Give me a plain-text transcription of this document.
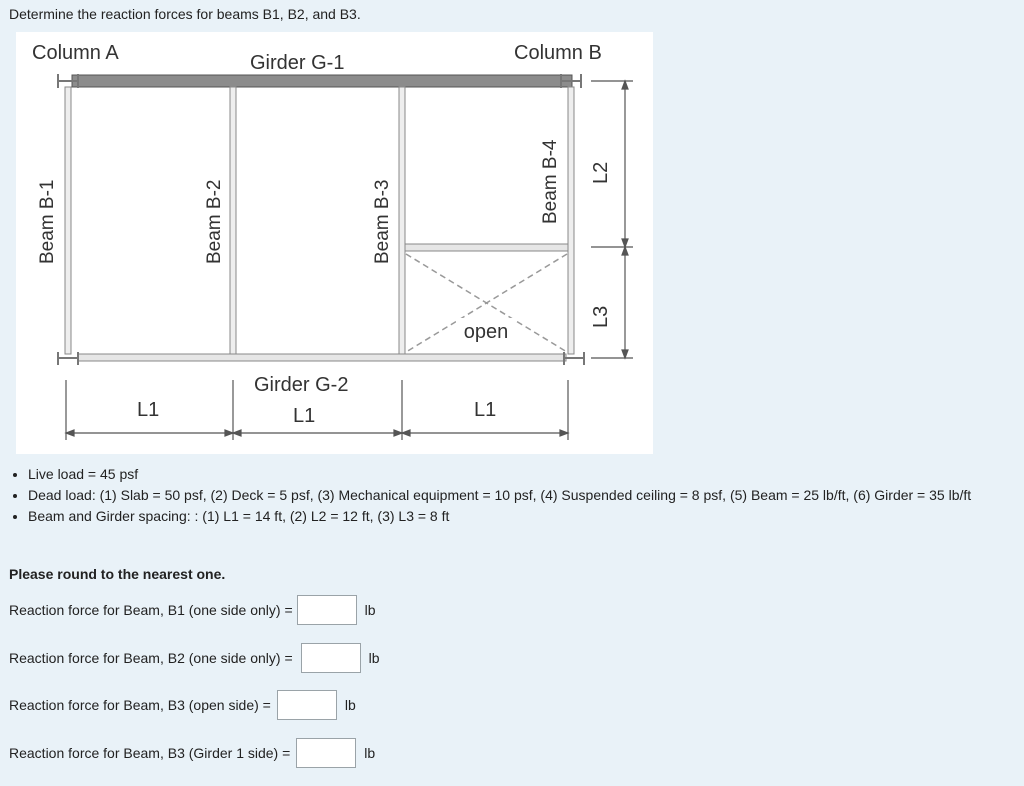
Determine the reaction forces for beams B1, B2, and B3.
open
Column A	Column B
Girder G-1
Girder G-2
Beam B-1	Beam B-2	Beam B-3	Beam B-4
L1	L1	L1
L2
L3
• Live load = 45 psf
• Dead load: (1) Slab = 50 psf, (2) Deck = 5 psf, (3) Mechanical equipment = 10 psf, (4) Suspended ceiling = 8 psf, (5) Beam = 25 lb/ft, (6) Girder = 35 lb/ft
• Beam and Girder spacing: : (1) L1 = 14 ft, (2) L2 = 12 ft, (3) L3 = 8 ft
Please round to the nearest one.
Reaction force for Beam, B1 (one side only) =	lb
Reaction force for Beam, B2 (one side only) =	lb
Reaction force for Beam, B3 (open side) =	lb
Reaction force for Beam, B3 (Girder 1 side) =	lb
